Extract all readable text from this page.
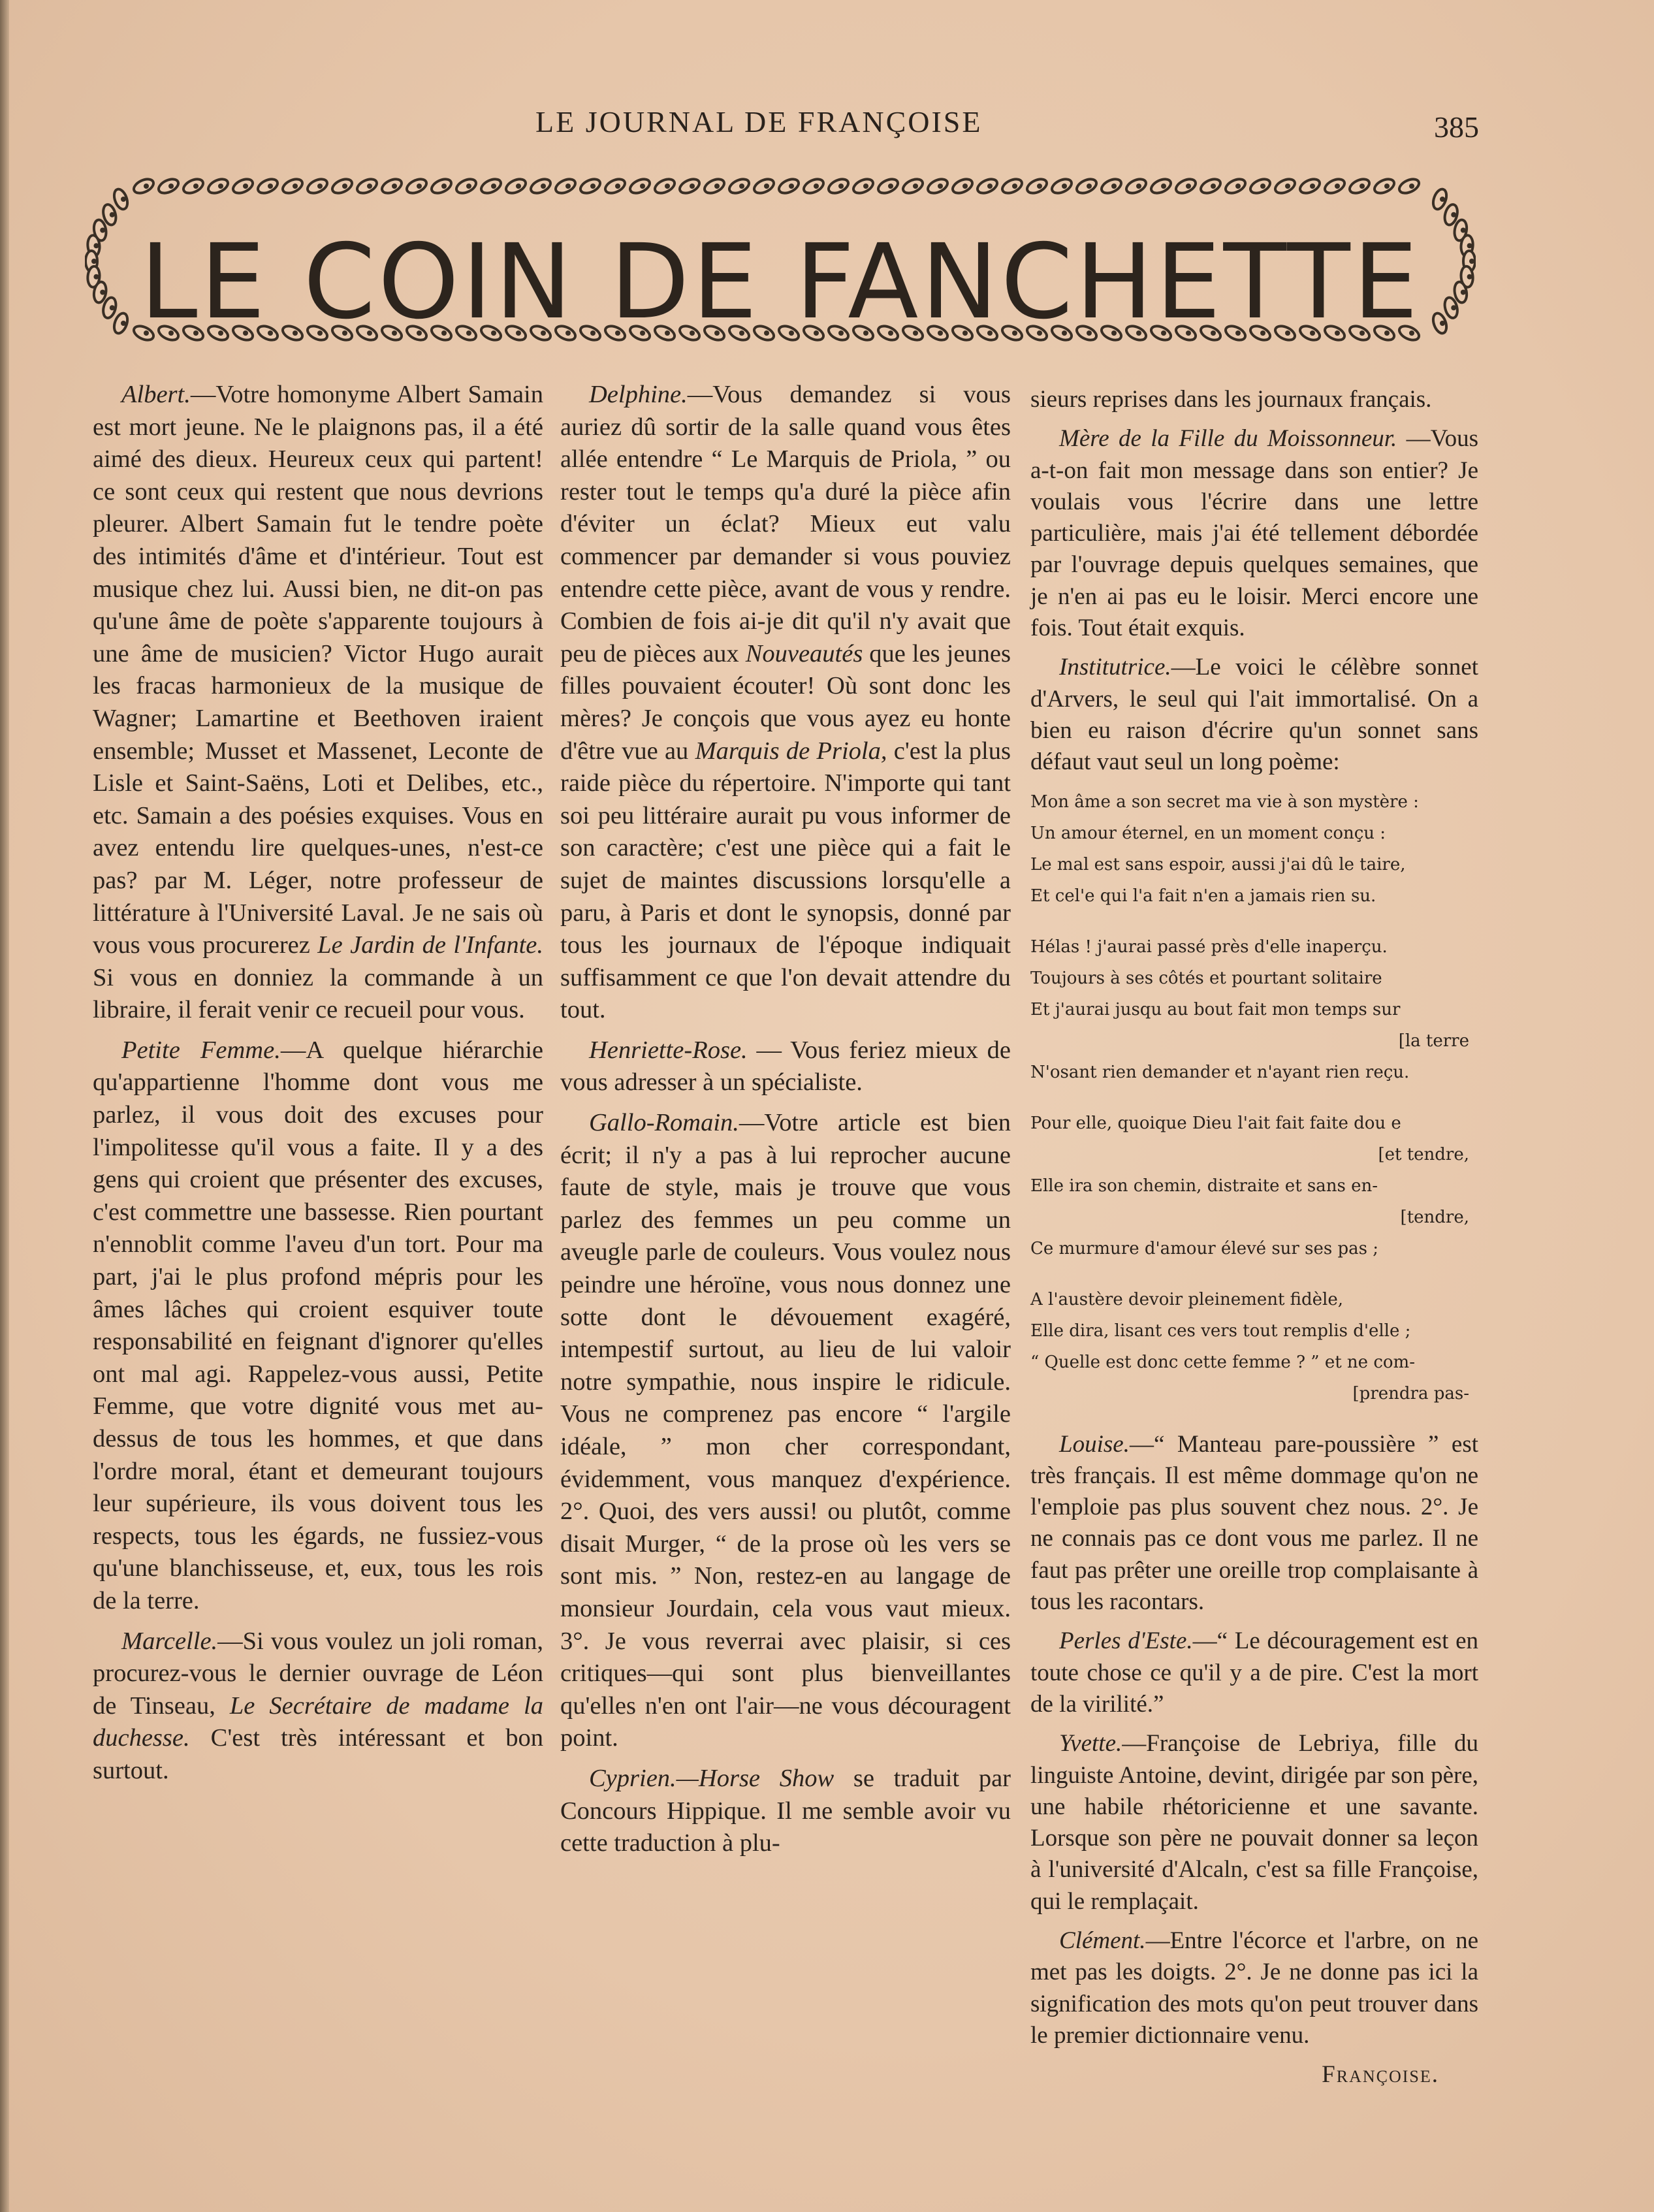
LE JOURNAL DE FRANÇOISE	385
LE COIN DE FANCHETTE

Albert.—Votre homonyme Albert Samain est mort jeune. Ne le plaignons pas, il a été aimé des dieux. Heureux ceux qui partent! ce sont ceux qui restent que nous devrions pleurer. Albert Samain fut le tendre poète des intimités d'âme et d'intérieur. Tout est musique chez lui. Aussi bien, ne dit-on pas qu'une âme de poète s'apparente toujours à une âme de musicien? Victor Hugo aurait les fracas harmonieux de la musique de Wagner; Lamartine et Beethoven iraient ensemble; Musset et Massenet, Leconte de Lisle et Saint-Saëns, Loti et Delibes, etc., etc. Samain a des poésies exquises. Vous en avez entendu lire quelques-unes, n'est-ce pas? par M. Léger, notre professeur de littérature à l'Université Laval. Je ne sais où vous vous procurerez Le Jardin de l'Infante. Si vous en donniez la commande à un libraire, il ferait venir ce recueil pour vous.

Petite Femme.—A quelque hiérarchie qu'appartienne l'homme dont vous me parlez, il vous doit des excuses pour l'impolitesse qu'il vous a faite. Il y a des gens qui croient que présenter des excuses, c'est commettre une bassesse. Rien pourtant n'ennoblit comme l'aveu d'un tort. Pour ma part, j'ai le plus profond mépris pour les âmes lâches qui croient esquiver toute responsabilité en feignant d'ignorer qu'elles ont mal agi. Rappelez-vous aussi, Petite Femme, que votre dignité vous met au-dessus de tous les hommes, et que dans l'ordre moral, étant et demeurant toujours leur supérieure, ils vous doivent tous les respects, tous les égards, ne fussiez-vous qu'une blanchisseuse, et, eux, tous les rois de la terre.

Marcelle.—Si vous voulez un joli roman, procurez-vous le dernier ouvrage de Léon de Tinseau, Le Secrétaire de madame la duchesse. C'est très intéressant et bon surtout.

Delphine.—Vous demandez si vous auriez dû sortir de la salle quand vous êtes allée entendre “ Le Marquis de Priola, ” ou rester tout le temps qu'a duré la pièce afin d'éviter un éclat? Mieux eut valu commencer par demander si vous pouviez entendre cette pièce, avant de vous y rendre. Combien de fois ai-je dit qu'il n'y avait que peu de pièces aux Nouveautés que les jeunes filles pouvaient écouter! Où sont donc les mères? Je conçois que vous ayez eu honte d'être vue au Marquis de Priola, c'est la plus raide pièce du répertoire. N'importe qui tant soi peu littéraire aurait pu vous informer de son caractère; c'est une pièce qui a fait le sujet de maintes discussions lorsqu'elle a paru, à Paris et dont le synopsis, donné par tous les journaux de l'époque indiquait suffisamment ce que l'on devait attendre du tout.

Henriette-Rose. — Vous feriez mieux de vous adresser à un spécialiste.

Gallo-Romain.—Votre article est bien écrit; il n'y a pas à lui reprocher aucune faute de style, mais je trouve que vous parlez des femmes un peu comme un aveugle parle de couleurs. Vous voulez nous peindre une héroïne, vous nous donnez une sotte dont le dévouement exagéré, intempestif surtout, au lieu de lui valoir notre sympathie, nous inspire le ridicule. Vous ne comprenez pas encore “ l'argile idéale, ” mon cher correspondant, évidemment, vous manquez d'expérience. 2°. Quoi, des vers aussi! ou plutôt, comme disait Murger, “ de la prose où les vers se sont mis. ” Non, restez-en au langage de monsieur Jourdain, cela vous vaut mieux. 3°. Je vous reverrai avec plaisir, si ces critiques—qui sont plus bienveillantes qu'elles n'en ont l'air—ne vous découragent point.

Cyprien.—Horse Show se traduit par Concours Hippique. Il me semble avoir vu cette traduction à plu-

sieurs reprises dans les journaux français.

Mère de la Fille du Moissonneur. —Vous a-t-on fait mon message dans son entier? Je voulais vous l'écrire dans une lettre particulière, mais j'ai été tellement débordée par l'ouvrage depuis quelques semaines, que je n'en ai pas eu le loisir. Merci encore une fois. Tout était exquis.

Institutrice.—Le voici le célèbre sonnet d'Arvers, le seul qui l'ait immortalisé. On a bien eu raison d'écrire qu'un sonnet sans défaut vaut seul un long poème:

Mon âme a son secret ma vie à son mystère :
Un amour éternel, en un moment conçu :
Le mal est sans espoir, aussi j'ai dû le taire,
Et cel'e qui l'a fait n'en a jamais rien su.
Hélas ! j'aurai passé près d'elle inaperçu.
Toujours à ses côtés et pourtant solitaire
Et j'aurai jusqu au bout fait mon temps sur
[la terre
N'osant rien demander et n'ayant rien reçu.
Pour elle, quoique Dieu l'ait fait faite dou e
[et tendre,
Elle ira son chemin, distraite et sans en-
[tendre,
Ce murmure d'amour élevé sur ses pas ;
A l'austère devoir pleinement fidèle,
Elle dira, lisant ces vers tout remplis d'elle ;
“ Quelle est donc cette femme ? ” et ne com-
[prendra pas-

Louise.—“ Manteau pare-poussière ” est très français. Il est même dommage qu'on ne l'emploie pas plus souvent chez nous. 2°. Je ne connais pas ce dont vous me parlez. Il ne faut pas prêter une oreille trop complaisante à tous les racontars.

Perles d'Este.—“ Le découragement est en toute chose ce qu'il y a de pire. C'est la mort de la virilité.”

Yvette.—Françoise de Lebriya, fille du linguiste Antoine, devint, dirigée par son père, une habile rhétoricienne et une savante. Lorsque son père ne pouvait donner sa leçon à l'université d'Alcaln, c'est sa fille Françoise, qui le remplaçait.

Clément.—Entre l'écorce et l'arbre, on ne met pas les doigts. 2°. Je ne donne pas ici la signification des mots qu'on peut trouver dans le premier dictionnaire venu.

Françoise.
